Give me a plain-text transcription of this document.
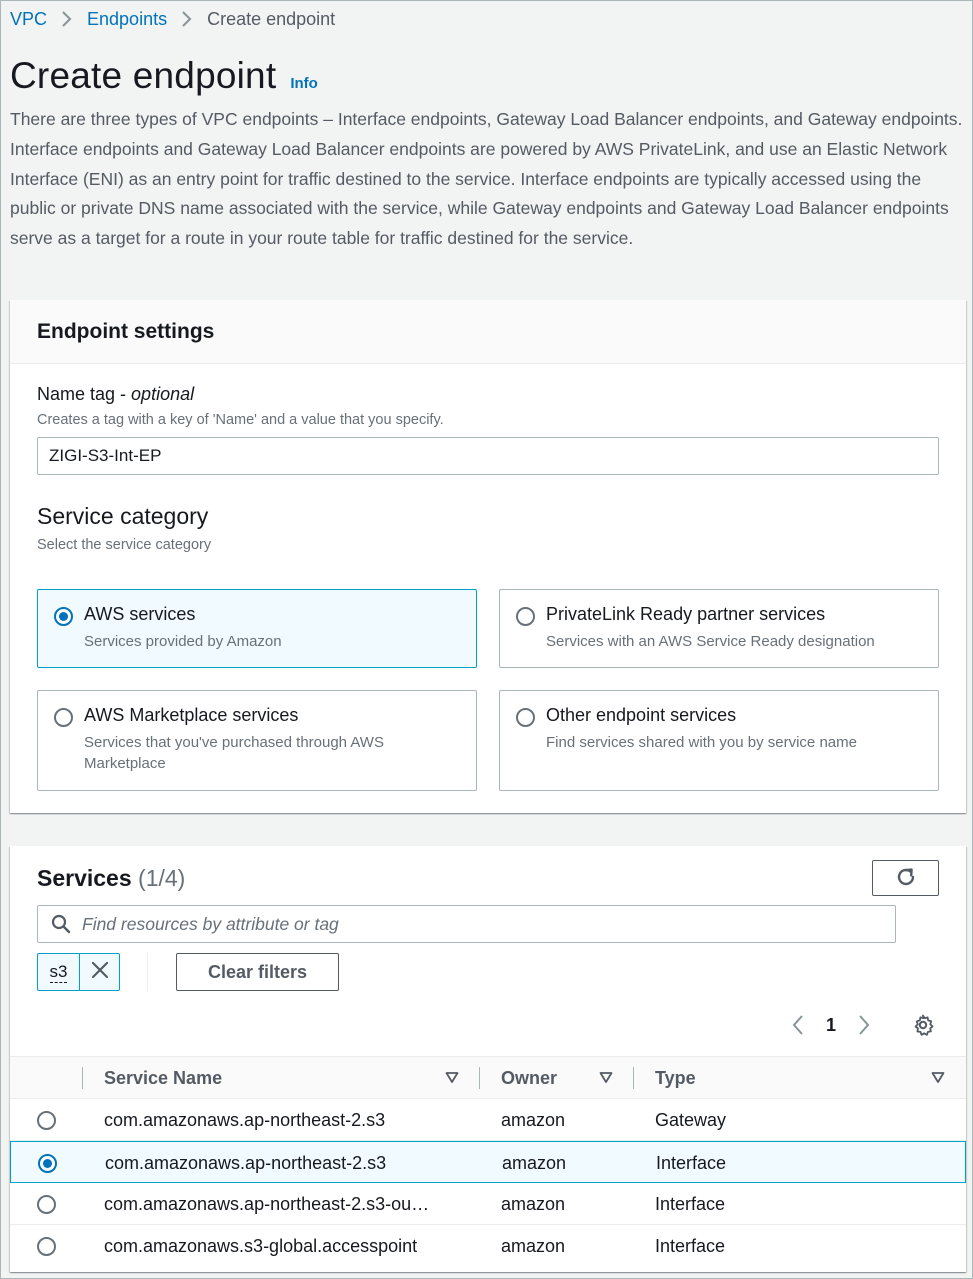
VPC Endpoints Create endpoint
Create endpoint Info

There are three types of VPC endpoints – Interface endpoints, Gateway Load Balancer endpoints, and Gateway endpoints. Interface endpoints and Gateway Load Balancer endpoints are powered by AWS PrivateLink, and use an Elastic Network Interface (ENI) as an entry point for traffic destined to the service. Interface endpoints are typically accessed using the public or private DNS name associated with the service, while Gateway endpoints and Gateway Load Balancer endpoints serve as a target for a route in your route table for traffic destined for the service.

Endpoint settings
Name tag - optional
Creates a tag with a key of 'Name' and a value that you specify.
ZIGI-S3-Int-EP
Service category
Select the service category
AWS services
Services provided by Amazon
PrivateLink Ready partner services
Services with an AWS Service Ready designation
AWS Marketplace services
Services that you've purchased through AWS Marketplace
Other endpoint services
Find services shared with you by service name
Services (1/4)
Find resources by attribute or tag
s3	Clear filters
1
Service Name	Owner	Type
com.amazonaws.ap-northeast-2.s3	amazon	Gateway
com.amazonaws.ap-northeast-2.s3	amazon	Interface
com.amazonaws.ap-northeast-2.s3-ou…	amazon	Interface
com.amazonaws.s3-global.accesspoint	amazon	Interface
